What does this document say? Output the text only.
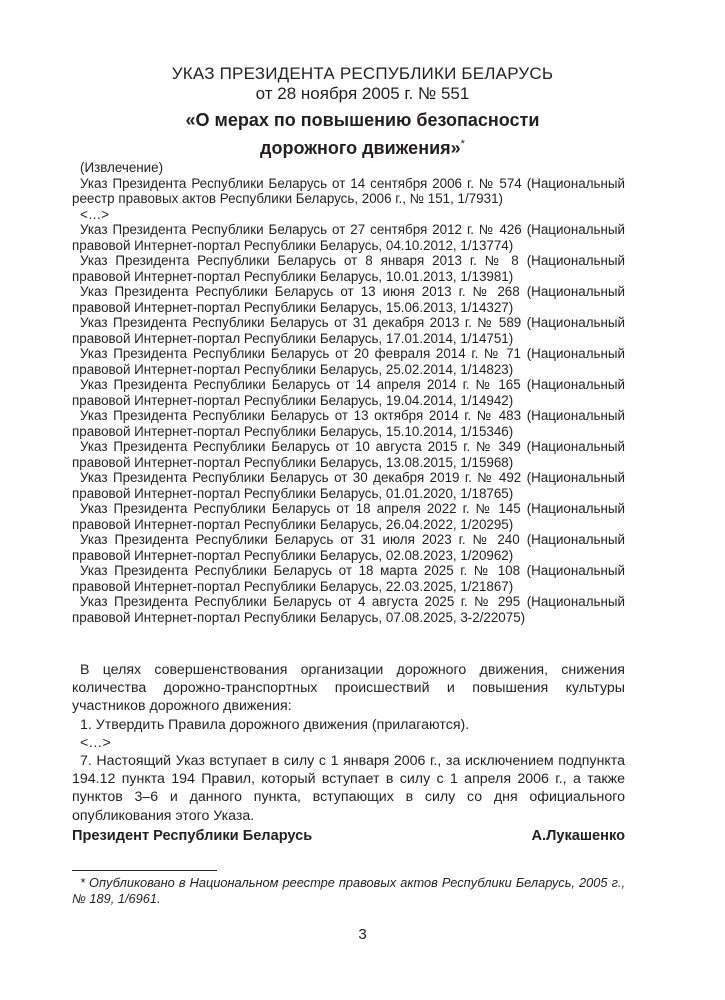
УКАЗ ПРЕЗИДЕНТА РЕСПУБЛИКИ БЕЛАРУСЬ
от 28 ноября 2005 г. № 551
«О мерах по повышению безопасности
дорожного движения»*

(Извлечение)

Указ Президента Республики Беларусь от 14 сентября 2006 г. № 574 (Национальный реестр правовых актов Республики Беларусь, 2006 г., № 151, 1/7931)

<…>

Указ Президента Республики Беларусь от 27 сентября 2012 г. № 426 (Национальный правовой Интернет-портал Республики Беларусь, 04.10.2012, 1/13774)

Указ Президента Республики Беларусь от 8 января 2013 г. № 8 (Национальный правовой Интернет-портал Республики Беларусь, 10.01.2013, 1/13981)

Указ Президента Республики Беларусь от 13 июня 2013 г. № 268 (Национальный правовой Интернет-портал Республики Беларусь, 15.06.2013, 1/14327)

Указ Президента Республики Беларусь от 31 декабря 2013 г. № 589 (Национальный правовой Интернет-портал Республики Беларусь, 17.01.2014, 1/14751)

Указ Президента Республики Беларусь от 20 февраля 2014 г. № 71 (Национальный правовой Интернет-портал Республики Беларусь, 25.02.2014, 1/14823)

Указ Президента Республики Беларусь от 14 апреля 2014 г. № 165 (Национальный правовой Интернет-портал Республики Беларусь, 19.04.2014, 1/14942)

Указ Президента Республики Беларусь от 13 октября 2014 г. № 483 (Национальный правовой Интернет-портал Республики Беларусь, 15.10.2014, 1/15346)

Указ Президента Республики Беларусь от 10 августа 2015 г. № 349 (Национальный правовой Интернет-портал Республики Беларусь, 13.08.2015, 1/15968)

Указ Президента Республики Беларусь от 30 декабря 2019 г. № 492 (Национальный правовой Интернет-портал Республики Беларусь, 01.01.2020, 1/18765)

Указ Президента Республики Беларусь от 18 апреля 2022 г. № 145 (Национальный правовой Интернет-портал Республики Беларусь, 26.04.2022, 1/20295)

Указ Президента Республики Беларусь от 31 июля 2023 г. № 240 (Национальный правовой Интернет-портал Республики Беларусь, 02.08.2023, 1/20962)

Указ Президента Республики Беларусь от 18 марта 2025 г. № 108 (Национальный правовой Интернет-портал Республики Беларусь, 22.03.2025, 1/21867)

Указ Президента Республики Беларусь от 4 августа 2025 г. № 295 (Национальный правовой Интернет-портал Республики Беларусь, 07.08.2025, 3-2/22075)

В целях совершенствования организации дорожного движения, снижения количества дорожно-транспортных происшествий и повышения культуры участников дорожного движения:

1. Утвердить Правила дорожного движения (прилагаются).

<…>

7. Настоящий Указ вступает в силу с 1 января 2006 г., за исключением подпункта 194.12 пункта 194 Правил, который вступает в силу с 1 апреля 2006 г., а также пунктов 3–6 и данного пункта, вступающих в силу со дня официального опубликования этого Указа.

Президент Республики Беларусь	А.Лукашенко
* Опубликовано в Национальном реестре правовых актов Республики Беларусь, 2005 г., № 189, 1/6961.
3
